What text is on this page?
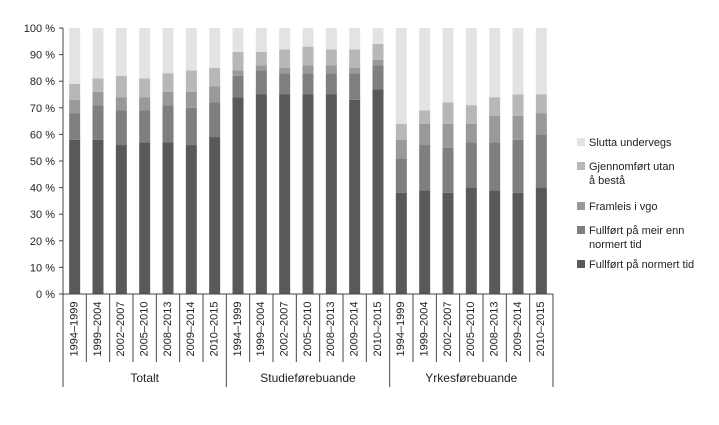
0 %
10 %
20 %
30 %
40 %
50 %
60 %
70 %
80 %
90 %
100 %
1994–1999 1999–2004 2002–2007 2005–2010 2008–2013 2009–2014 2010–2015 1994–1999 1999–2004 2002–2007 2005–2010 2008–2013 2009–2014 2010–2015 1994–1999 1999–2004 2002–2007 2005–2010 2008–2013 2009–2014 2010–2015
Totalt	Studieførebuande	Yrkesførebuande
Slutta undervegs
Gjennomført utan
å bestå
Framleis i vgo
Fullført på meir enn
normert tid
Fullført på normert tid
